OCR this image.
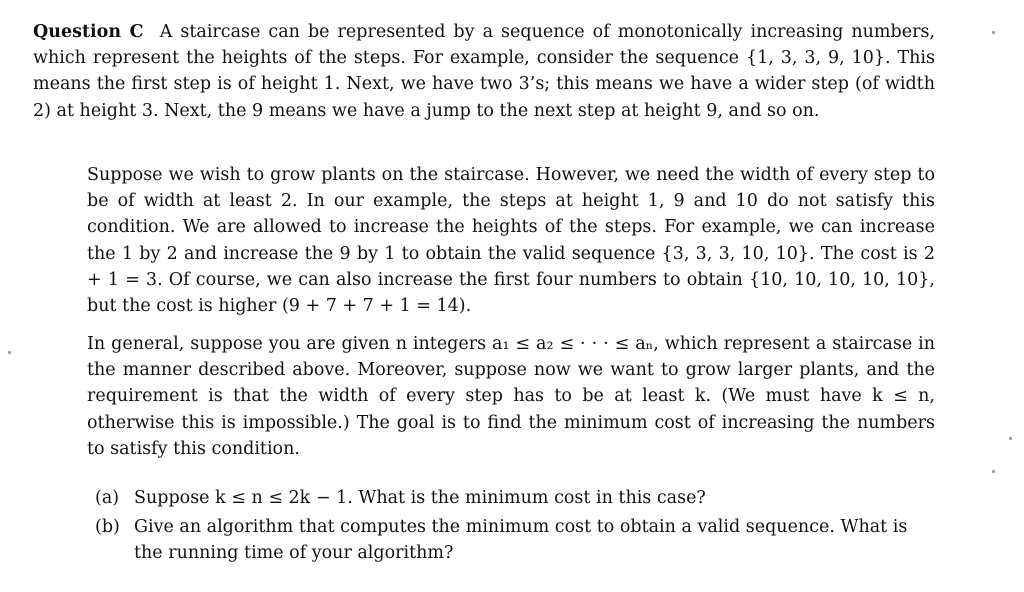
Question C A staircase can be represented by a sequence of monotonically increasing numbers, which represent the heights of the steps. For example, consider the sequence {1, 3, 3, 9, 10}. This means the first step is of height 1. Next, we have two 3’s; this means we have a wider step (of width 2) at height 3. Next, the 9 means we have a jump to the next step at height 9, and so on.

Suppose we wish to grow plants on the staircase. However, we need the width of every step to be of width at least 2. In our example, the steps at height 1, 9 and 10 do not satisfy this condition. We are allowed to increase the heights of the steps. For example, we can increase the 1 by 2 and increase the 9 by 1 to obtain the valid sequence {3, 3, 3, 10, 10}. The cost is 2 + 1 = 3. Of course, we can also increase the first four numbers to obtain {10, 10, 10, 10, 10}, but the cost is higher (9 + 7 + 7 + 1 = 14).

In general, suppose you are given n integers a₁ ≤ a₂ ≤ · · · ≤ aₙ, which represent a staircase in the manner described above. Moreover, suppose now we want to grow larger plants, and the requirement is that the width of every step has to be at least k. (We must have k ≤ n, otherwise this is impossible.) The goal is to find the minimum cost of increasing the numbers to satisfy this condition.

(a) Suppose k ≤ n ≤ 2k − 1. What is the minimum cost in this case?
(b) Give an algorithm that computes the minimum cost to obtain a valid sequence. What is the running time of your algorithm?
